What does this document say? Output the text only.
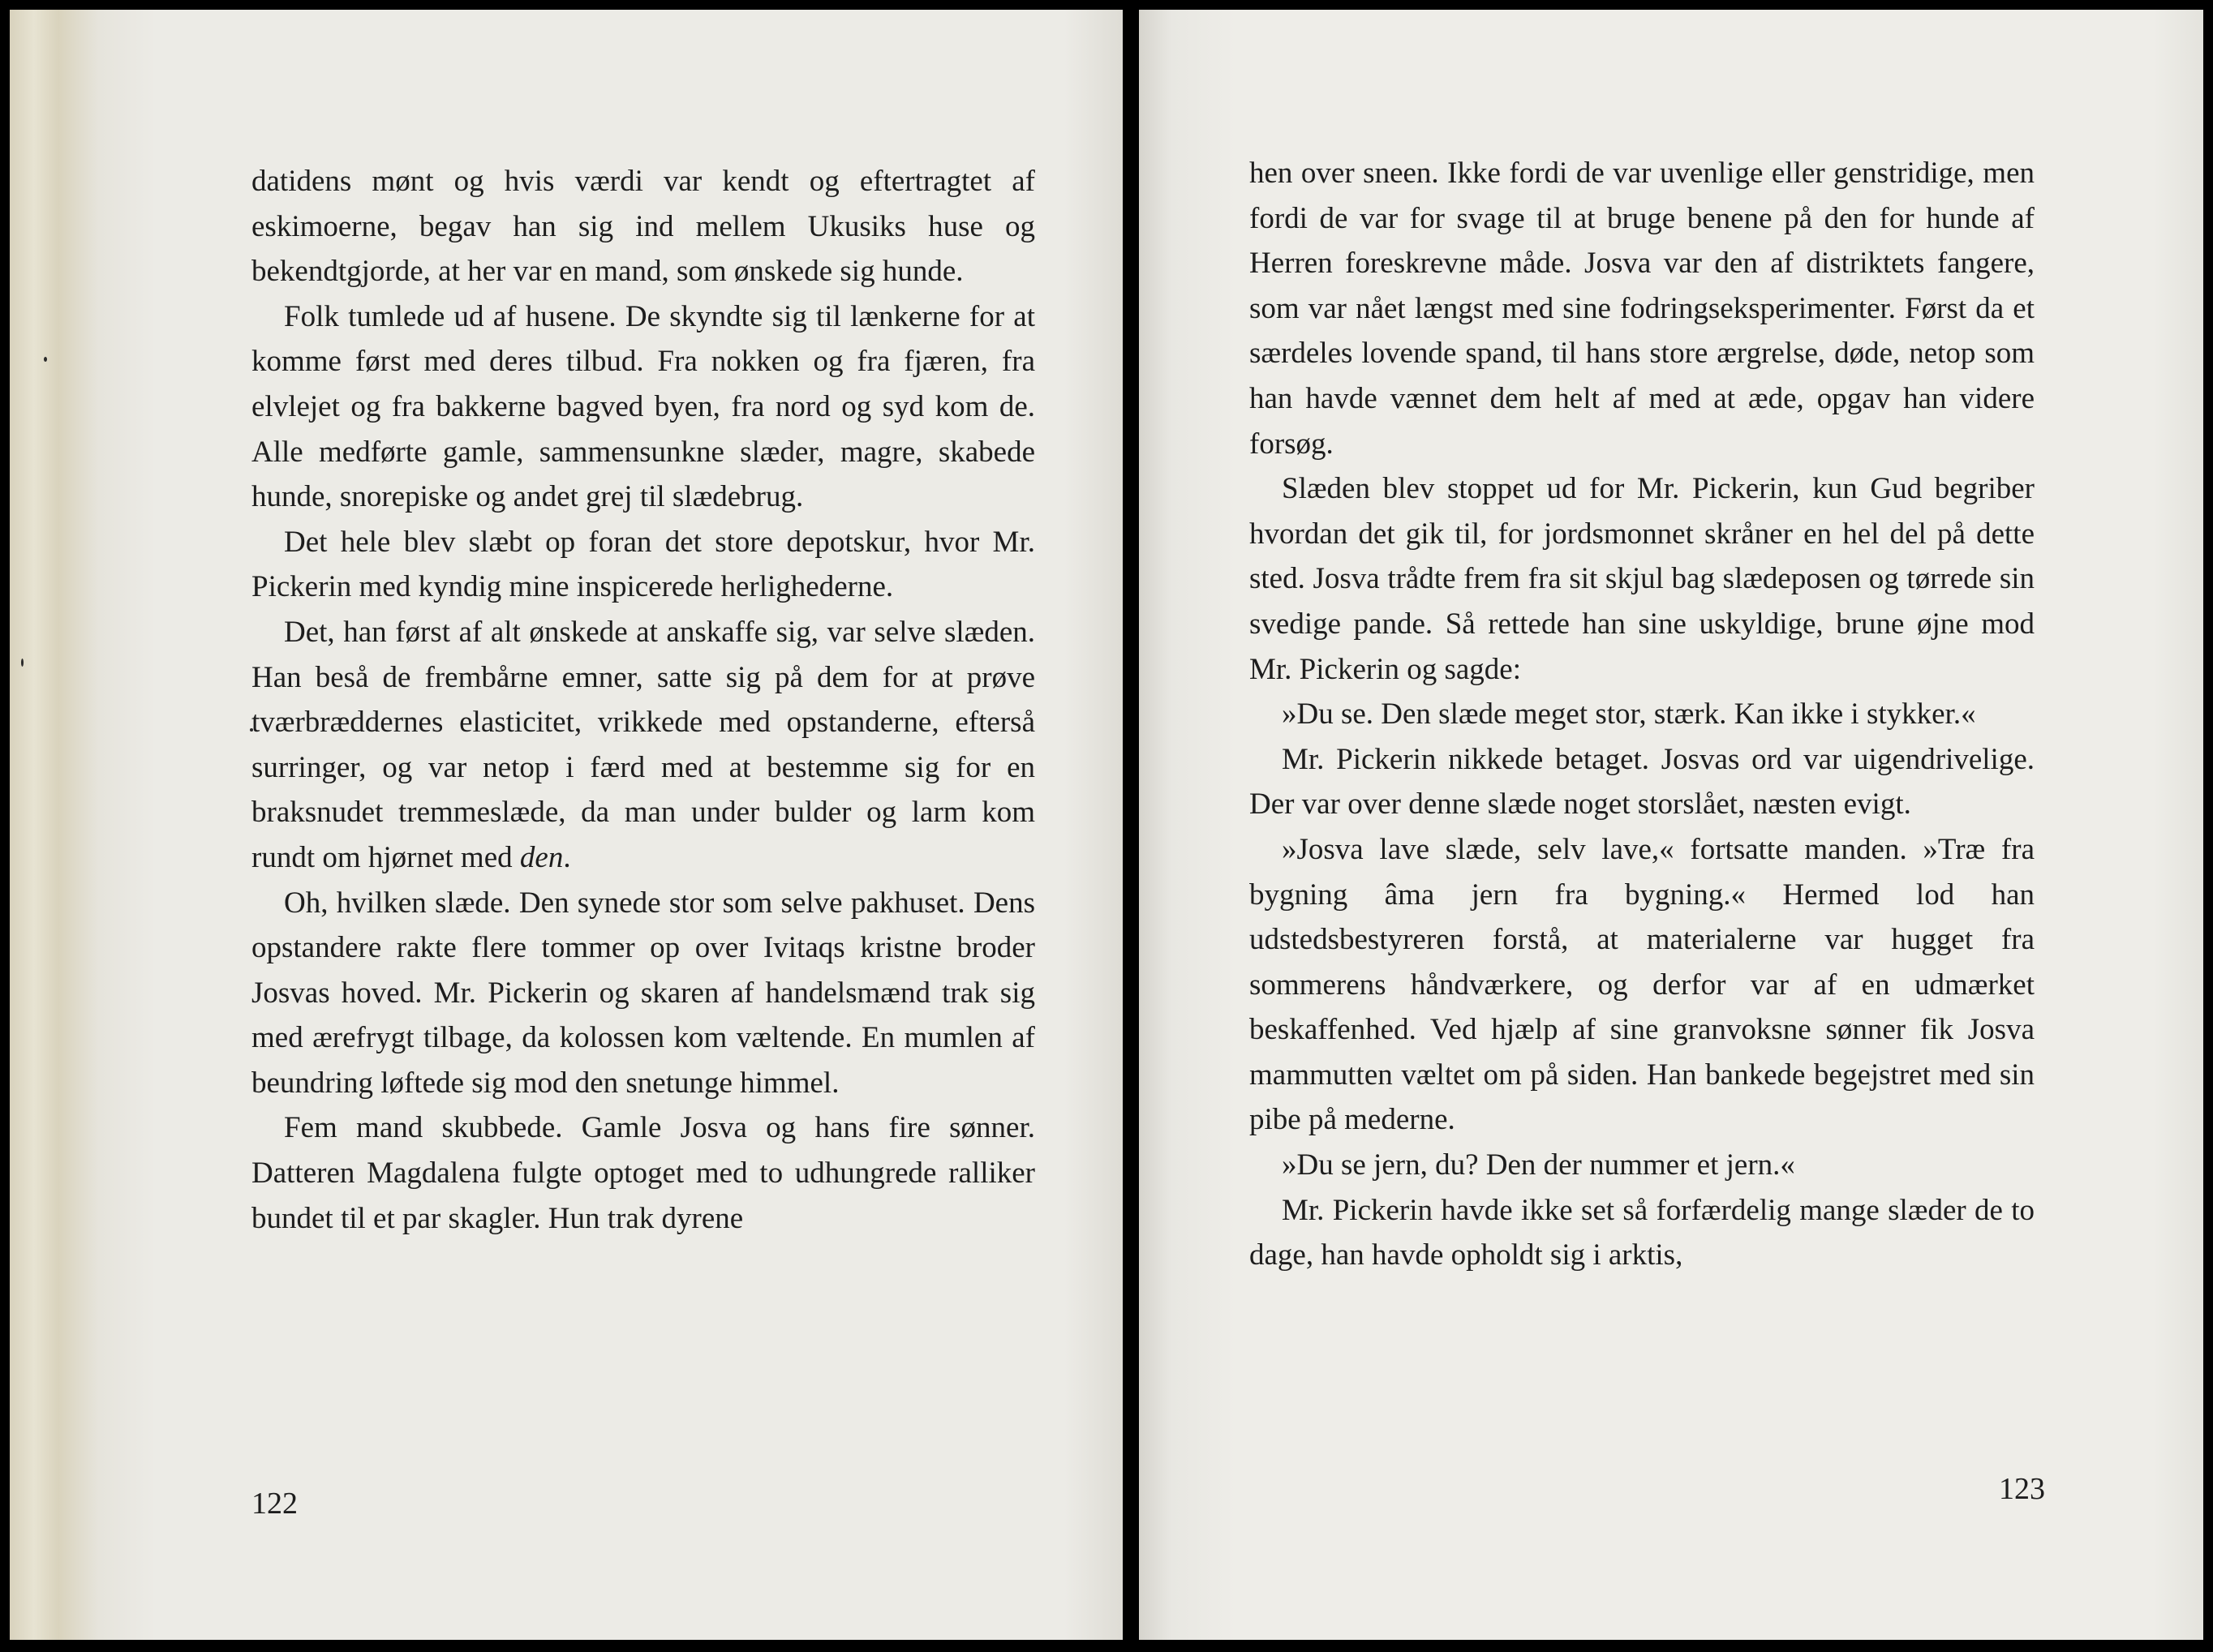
datidens mønt og hvis værdi var kendt og eftertragtet af eskimoerne, begav han sig ind mellem Ukusiks huse og bekendtgjorde, at her var en mand, som ønskede sig hunde.

Folk tumlede ud af husene. De skyndte sig til lænkerne for at komme først med deres tilbud. Fra nokken og fra fjæren, fra elvlejet og fra bakkerne bagved byen, fra nord og syd kom de. Alle medførte gamle, sammensunkne slæder, magre, skabede hunde, snorepiske og andet grej til slædebrug.

Det hele blev slæbt op foran det store depotskur, hvor Mr. Pickerin med kyndig mine inspicerede herlighederne.

Det, han først af alt ønskede at anskaffe sig, var selve slæden. Han beså de frembårne emner, satte sig på dem for at prøve tværbræddernes elasticitet, vrikkede med opstanderne, efterså surringer, og var netop i færd med at bestemme sig for en braksnudet tremmeslæde, da man under bulder og larm kom rundt om hjørnet med den.

Oh, hvilken slæde. Den synede stor som selve pakhuset. Dens opstandere rakte flere tommer op over Ivitaqs kristne broder Josvas hoved. Mr. Pickerin og skaren af handelsmænd trak sig med ærefrygt tilbage, da kolossen kom væltende. En mumlen af beundring løftede sig mod den snetunge himmel.

Fem mand skubbede. Gamle Josva og hans fire sønner. Datteren Magdalena fulgte optoget med to udhungrede ralliker bundet til et par skagler. Hun trak dyrene

122

hen over sneen. Ikke fordi de var uvenlige eller genstridige, men fordi de var for svage til at bruge benene på den for hunde af Herren foreskrevne måde. Josva var den af distriktets fangere, som var nået længst med sine fodringseksperimenter. Først da et særdeles lovende spand, til hans store ærgrelse, døde, netop som han havde vænnet dem helt af med at æde, opgav han videre forsøg.

Slæden blev stoppet ud for Mr. Pickerin, kun Gud begriber hvordan det gik til, for jordsmonnet skråner en hel del på dette sted. Josva trådte frem fra sit skjul bag slædeposen og tørrede sin svedige pande. Så rettede han sine uskyldige, brune øjne mod Mr. Pickerin og sagde:

»Du se. Den slæde meget stor, stærk. Kan ikke i stykker.«

Mr. Pickerin nikkede betaget. Josvas ord var uigendrivelige. Der var over denne slæde noget storslået, næsten evigt.

»Josva lave slæde, selv lave,« fortsatte manden. »Træ fra bygning âma jern fra bygning.« Hermed lod han udstedsbestyreren forstå, at materialerne var hugget fra sommerens håndværkere, og derfor var af en udmærket beskaffenhed. Ved hjælp af sine granvoksne sønner fik Josva mammutten væltet om på siden. Han bankede begejstret med sin pibe på mederne.

»Du se jern, du? Den der nummer et jern.«

Mr. Pickerin havde ikke set så forfærdelig mange slæder de to dage, han havde opholdt sig i arktis,

123
